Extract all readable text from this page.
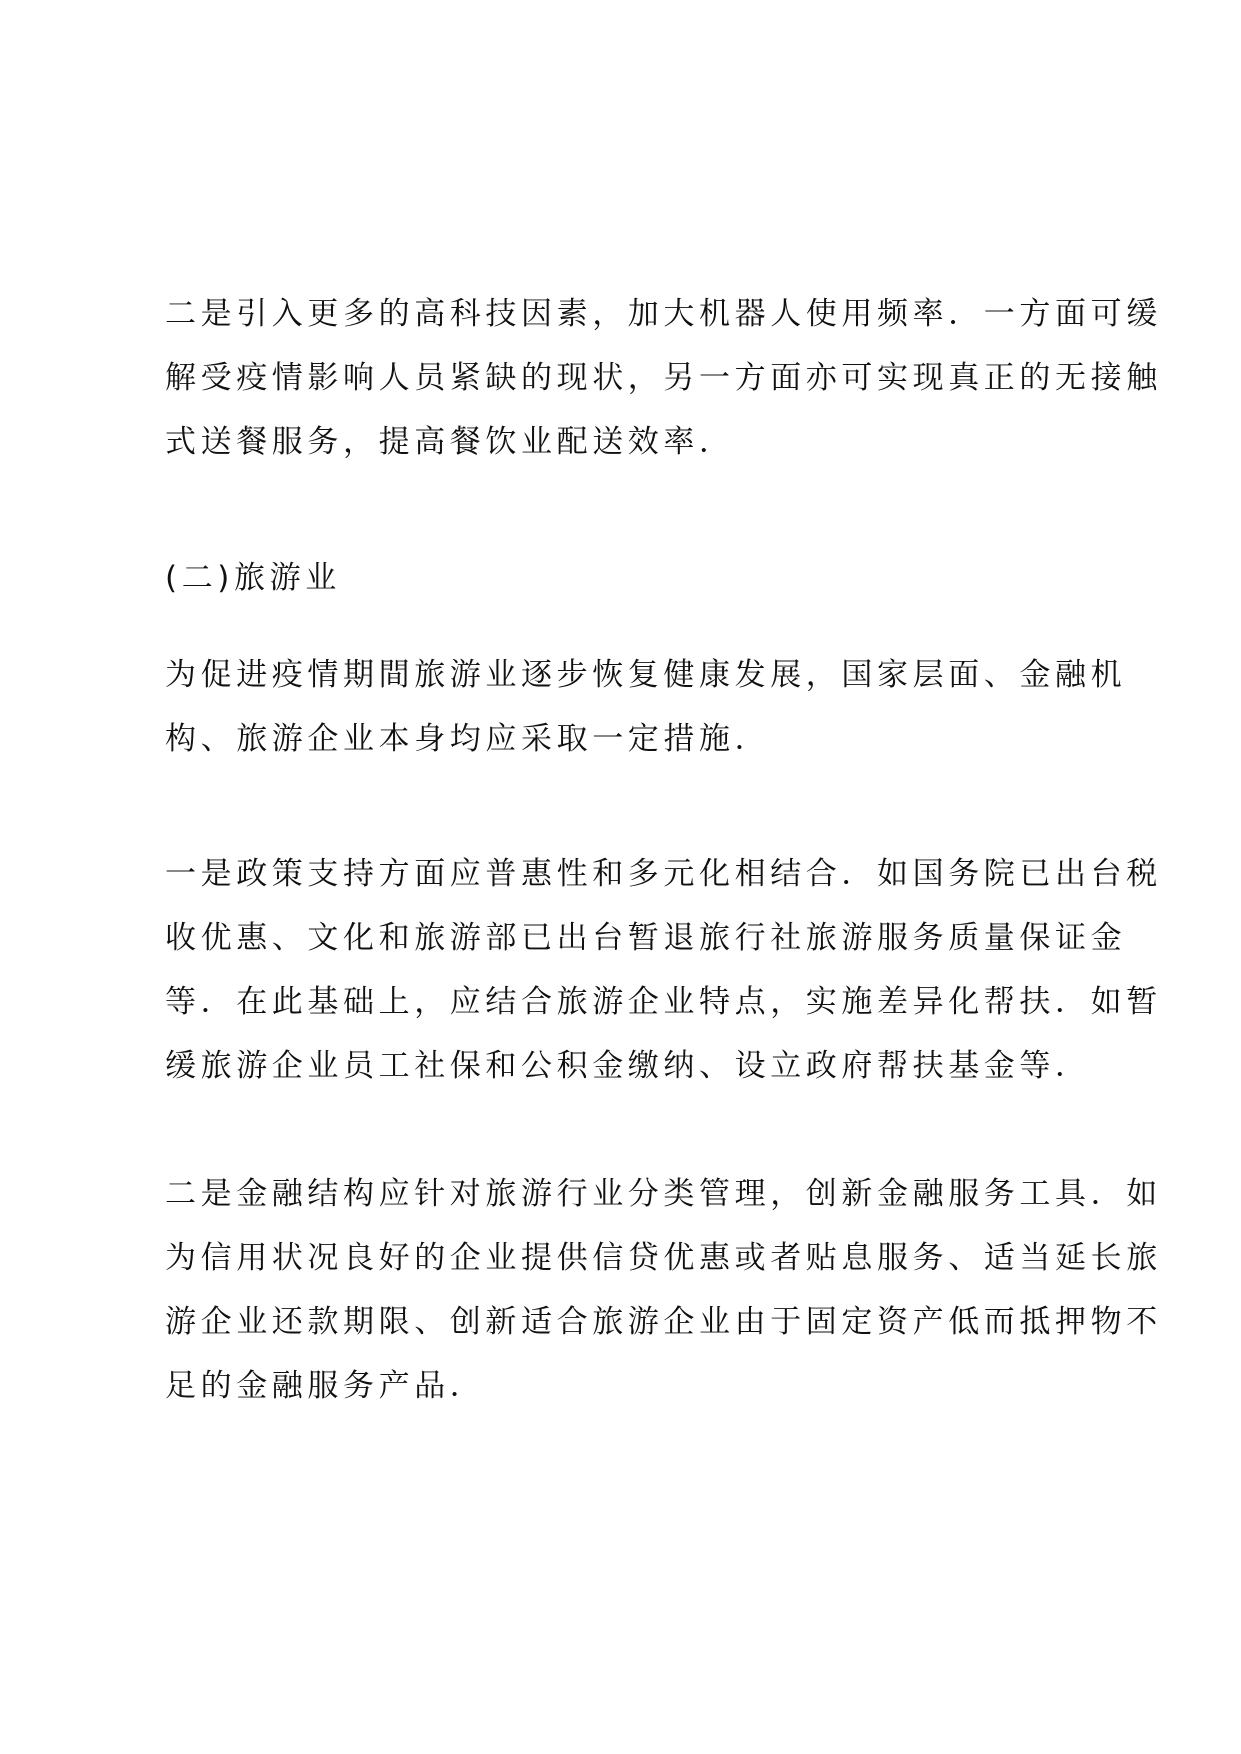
二是引入更多的高科技因素，加大机器人使用频率．一方面可缓
解受疫情影响人员紧缺的现状，另一方面亦可实现真正的无接触
式送餐服务，提高餐饮业配送效率．

(二)旅游业

为促进疫情期間旅游业逐步恢复健康发展，国家层面、金融机
构、旅游企业本身均应采取一定措施．

一是政策支持方面应普惠性和多元化相结合．如国务院已出台税
收优惠、文化和旅游部已出台暂退旅行社旅游服务质量保证金
等．在此基础上，应结合旅游企业特点，实施差异化帮扶．如暂
缓旅游企业员工社保和公积金缴纳、设立政府帮扶基金等．

二是金融结构应针对旅游行业分类管理，创新金融服务工具．如
为信用状况良好的企业提供信贷优惠或者贴息服务、适当延长旅
游企业还款期限、创新适合旅游企业由于固定资产低而抵押物不
足的金融服务产品．
